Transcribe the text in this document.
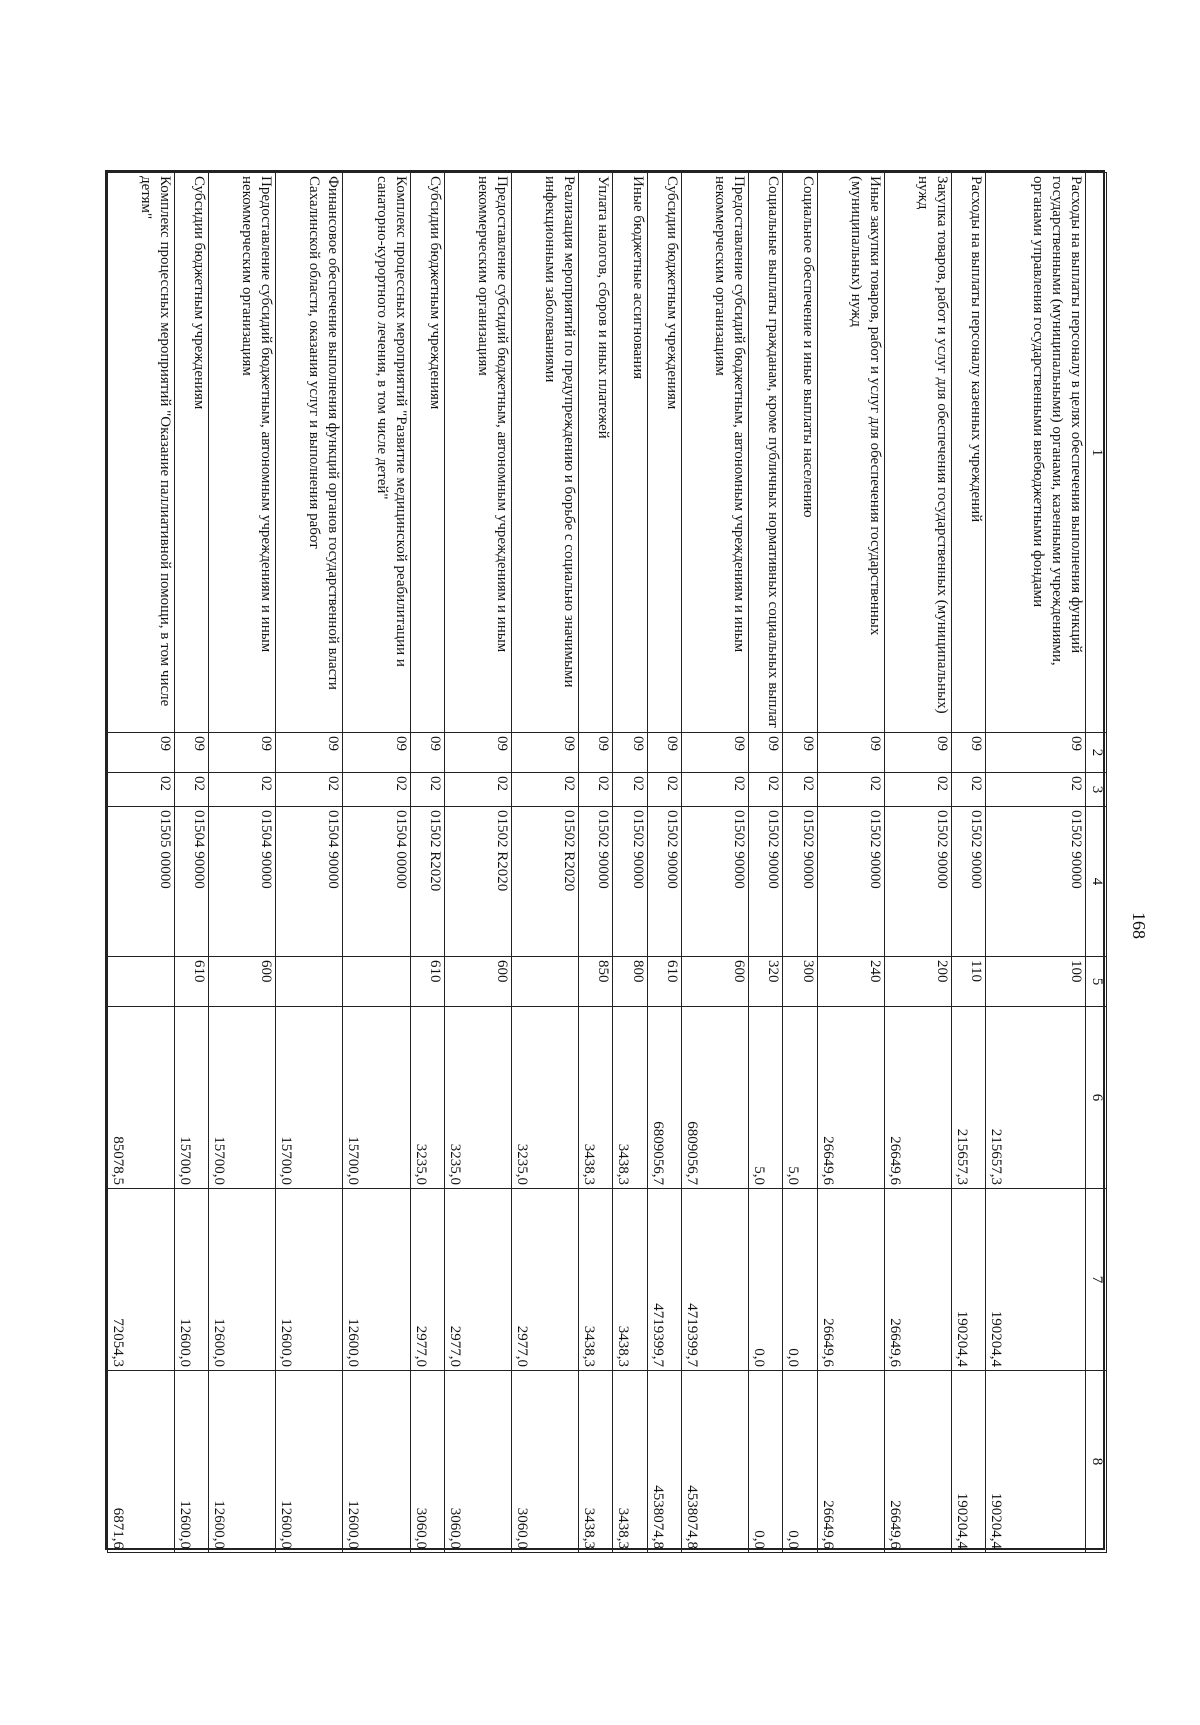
168
1	2	3	4	5	6	7	8
Расходы на выплаты персоналу в целях обеспечения выполнения функций государственными (муниципальными) органами, казенными учреждениями, органами управления государственными внебюджетными фондами	09	02	01502 90000	100	215657,3	190204,4	190204,4
Расходы на выплаты персоналу казенных учреждений	09	02	01502 90000	110	215657,3	190204,4	190204,4
Закупка товаров, работ и услуг для обеспечения государственных (муниципальных) нужд	09	02	01502 90000	200	26649,6	26649,6	26649,6
Иные закупки товаров, работ и услуг для обеспечения государственных (муниципальных) нужд	09	02	01502 90000	240	26649,6	26649,6	26649,6
Социальное обеспечение и иные выплаты населению	09	02	01502 90000	300	5,0	0,0	0,0
Социальные выплаты гражданам, кроме публичных нормативных социальных выплат	09	02	01502 90000	320	5,0	0,0	0,0
Предоставление субсидий бюджетным, автономным учреждениям и иным некоммерческим организациям	09	02	01502 90000	600	6809056,7	4719399,7	4538074,8
Субсидии бюджетным учреждениям	09	02	01502 90000	610	6809056,7	4719399,7	4538074,8
Иные бюджетные ассигнования	09	02	01502 90000	800	3438,3	3438,3	3438,3
Уплата налогов, сборов и иных платежей	09	02	01502 90000	850	3438,3	3438,3	3438,3
Реализация мероприятий по предупреждению и борьбе с социально значимыми инфекционными заболеваниями	09	02	01502 R2020		3235,0	2977,0	3060,0
Предоставление субсидий бюджетным, автономным учреждениям и иным некоммерческим организациям	09	02	01502 R2020	600	3235,0	2977,0	3060,0
Субсидии бюджетным учреждениям	09	02	01502 R2020	610	3235,0	2977,0	3060,0
Комплекс процессных мероприятий "Развитие медицинской реабилитации и санаторно-курортного лечения, в том числе детей"	09	02	01504 00000		15700,0	12600,0	12600,0
Финансовое обеспечение выполнения функций органов государственной власти Сахалинской области, оказания услуг и выполнения работ	09	02	01504 90000		15700,0	12600,0	12600,0
Предоставление субсидий бюджетным, автономным учреждениям и иным некоммерческим организациям	09	02	01504 90000	600	15700,0	12600,0	12600,0
Субсидии бюджетным учреждениям	09	02	01504 90000	610	15700,0	12600,0	12600,0
Комплекс процессных мероприятий "Оказание паллиативной помощи, в том числе детям"	09	02	01505 00000		85078,5	72054,3	6871,6
